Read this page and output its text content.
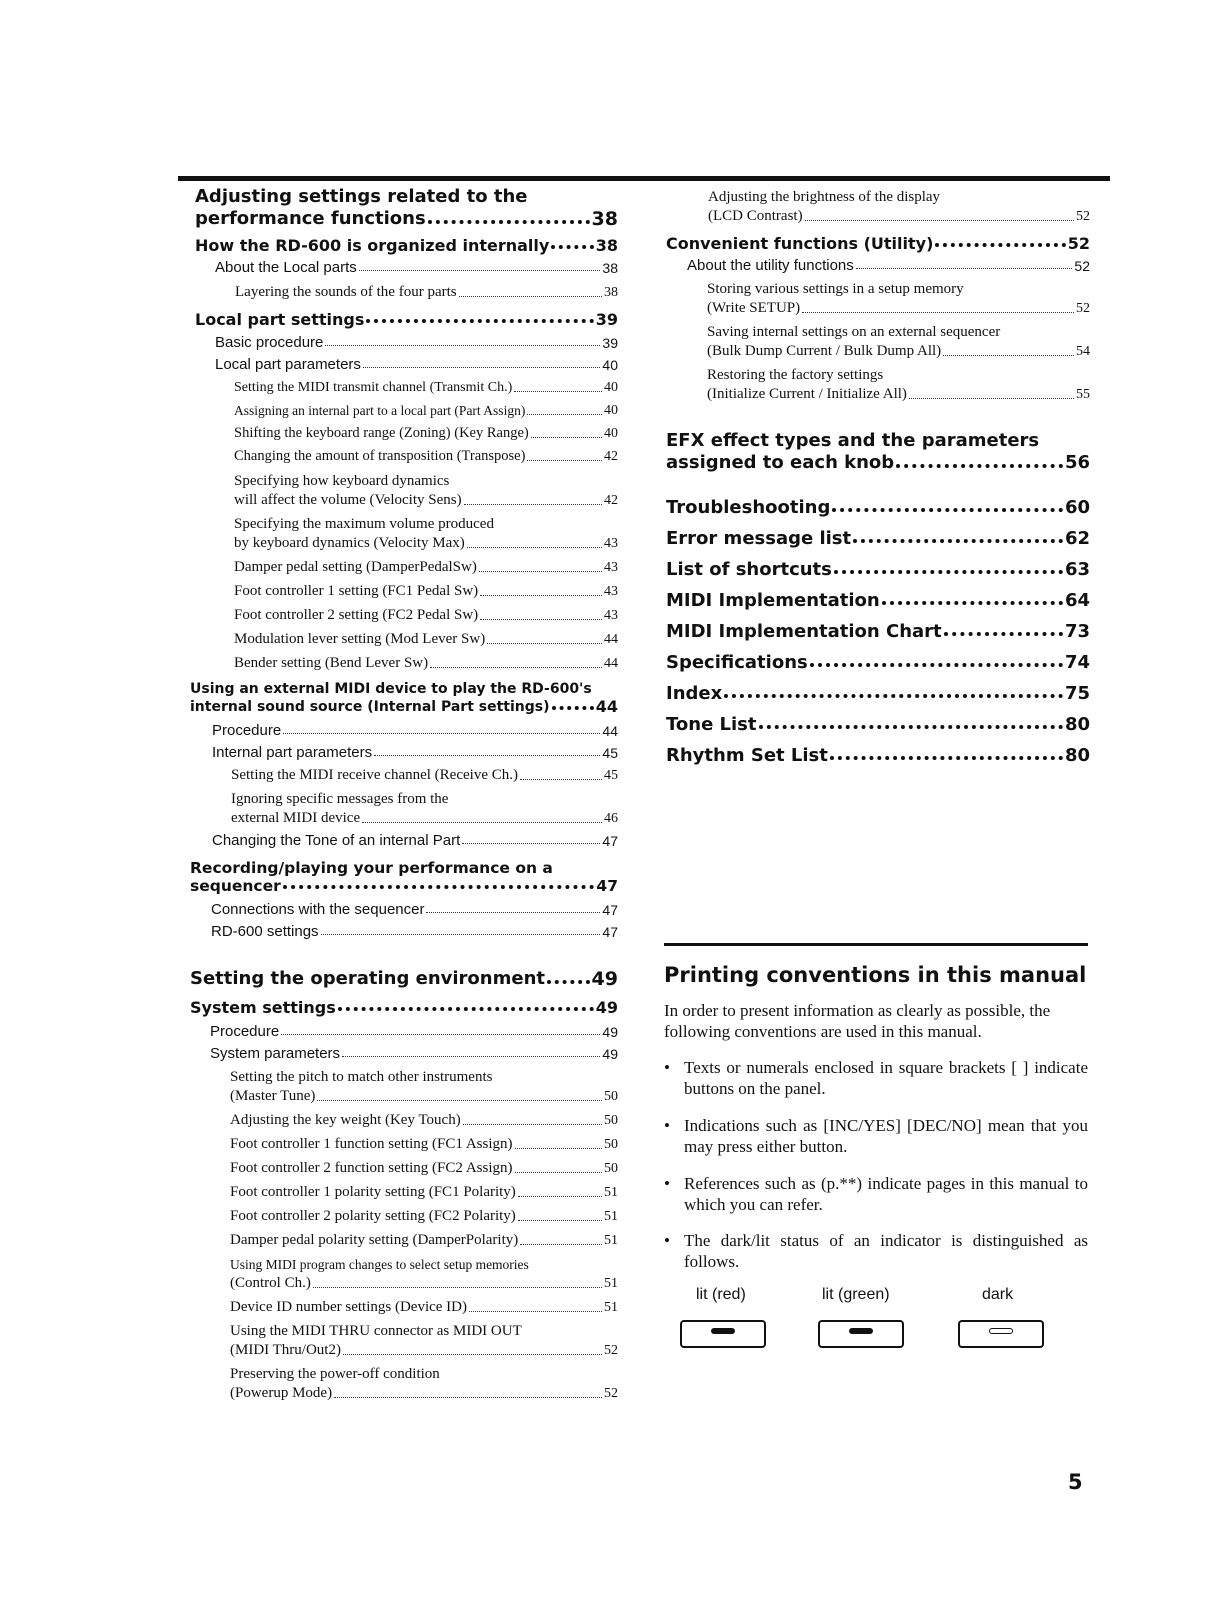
Adjusting settings related to the
performance functions	38
How the RD-600 is organized internally	38
About the Local parts	38
Layering the sounds of the four parts	38
Local part settings	39
Basic procedure	39
Local part parameters	40
Setting the MIDI transmit channel (Transmit Ch.)	40
Assigning an internal part to a local part (Part Assign)	40
Shifting the keyboard range (Zoning) (Key Range)	40
Changing the amount of transposition (Transpose)	42
Specifying how keyboard dynamics
will affect the volume (Velocity Sens)	42
Specifying the maximum volume produced
by keyboard dynamics (Velocity Max)	43
Damper pedal setting (DamperPedalSw)	43
Foot controller 1 setting (FC1 Pedal Sw)	43
Foot controller 2 setting (FC2 Pedal Sw)	43
Modulation lever setting (Mod Lever Sw)	44
Bender setting (Bend Lever Sw)	44
Using an external MIDI device to play the RD-600's
internal sound source (Internal Part settings)	44
Procedure	44
Internal part parameters	45
Setting the MIDI receive channel (Receive Ch.)	45
Ignoring specific messages from the
external MIDI device	46
Changing the Tone of an internal Part	47
Recording/playing your performance on a
sequencer	47
Connections with the sequencer	47
RD-600 settings	47
Setting the operating environment 49
System settings	49
Procedure	49
System parameters	49
Setting the pitch to match other instruments
(Master Tune)	50
Adjusting the key weight (Key Touch)	50
Foot controller 1 function setting (FC1 Assign)	50
Foot controller 2 function setting (FC2 Assign)	50
Foot controller 1 polarity setting (FC1 Polarity)	51
Foot controller 2 polarity setting (FC2 Polarity)	51
Damper pedal polarity setting (DamperPolarity)	51
Using MIDI program changes to select setup memories
(Control Ch.)	51
Device ID number settings (Device ID)	51
Using the MIDI THRU connector as MIDI OUT
(MIDI Thru/Out2)	52
Preserving the power-off condition
(Powerup Mode)	52
Adjusting the brightness of the display
(LCD Contrast)	52
Convenient functions (Utility)	52
About the utility functions	52
Storing various settings in a setup memory
(Write SETUP)	52
Saving internal settings on an external sequencer
(Bulk Dump Current / Bulk Dump All)	54
Restoring the factory settings
(Initialize Current / Initialize All)	55
EFX effect types and the parameters
assigned to each knob	56
Troubleshooting	60
Error message list	62
List of shortcuts	63
MIDI Implementation	64
MIDI Implementation Chart	73
Specifications	74
Index	75
Tone List	80
Rhythm Set List	80
Printing conventions in this manual
In order to present information as clearly as possible, the following conventions are used in this manual.
• Texts or numerals enclosed in square brackets [ ] indicate buttons on the panel.
• Indications such as [INC/YES] [DEC/NO] mean that you may press either button.
• References such as (p.**) indicate pages in this manual to which you can refer.
• The dark/lit status of an indicator is distinguished as follows.
lit (red)	lit (green)	dark
5
